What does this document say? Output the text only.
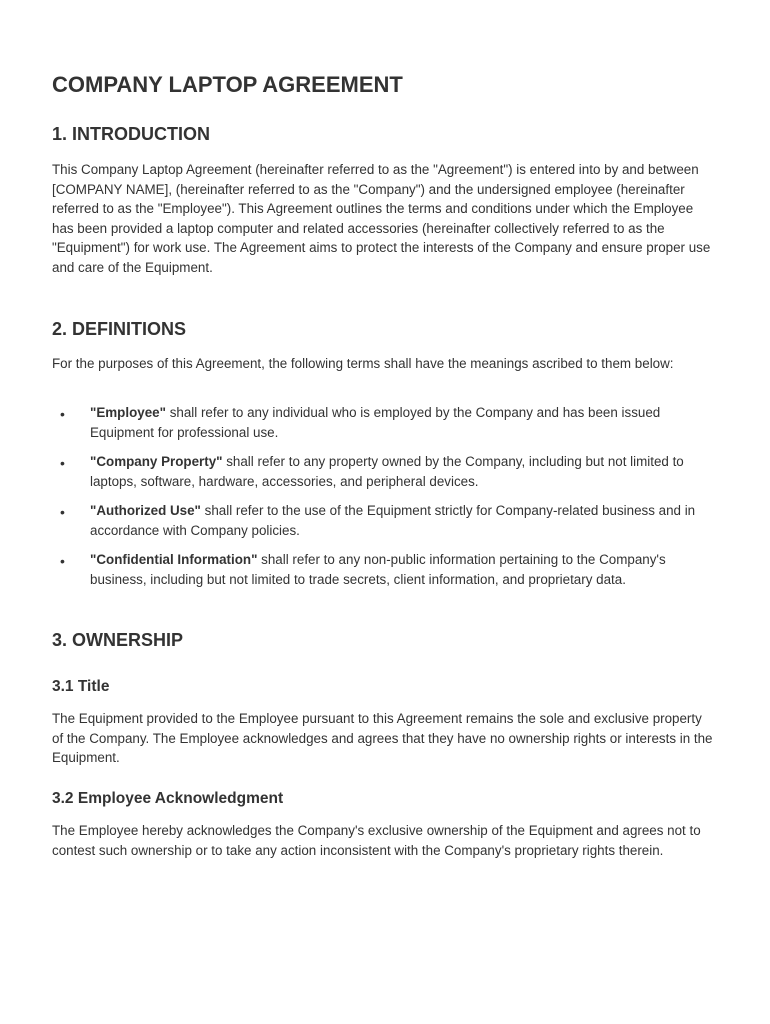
COMPANY LAPTOP AGREEMENT
1. INTRODUCTION

This Company Laptop Agreement (hereinafter referred to as the "Agreement") is entered into by and between [COMPANY NAME], (hereinafter referred to as the "Company") and the undersigned employee (hereinafter referred to as the "Employee"). This Agreement outlines the terms and conditions under which the Employee has been provided a laptop computer and related accessories (hereinafter collectively referred to as the "Equipment") for work use. The Agreement aims to protect the interests of the Company and ensure proper use and care of the Equipment.

2. DEFINITIONS

For the purposes of this Agreement, the following terms shall have the meanings ascribed to them below:

• "Employee" shall refer to any individual who is employed by the Company and has been issued Equipment for professional use.
• "Company Property" shall refer to any property owned by the Company, including but not limited to laptops, software, hardware, accessories, and peripheral devices.
• "Authorized Use" shall refer to the use of the Equipment strictly for Company-related business and in accordance with Company policies.
• "Confidential Information" shall refer to any non-public information pertaining to the Company's business, including but not limited to trade secrets, client information, and proprietary data.
3. OWNERSHIP
3.1 Title

The Equipment provided to the Employee pursuant to this Agreement remains the sole and exclusive property of the Company. The Employee acknowledges and agrees that they have no ownership rights or interests in the Equipment.

3.2 Employee Acknowledgment

The Employee hereby acknowledges the Company's exclusive ownership of the Equipment and agrees not to contest such ownership or to take any action inconsistent with the Company's proprietary rights therein.
